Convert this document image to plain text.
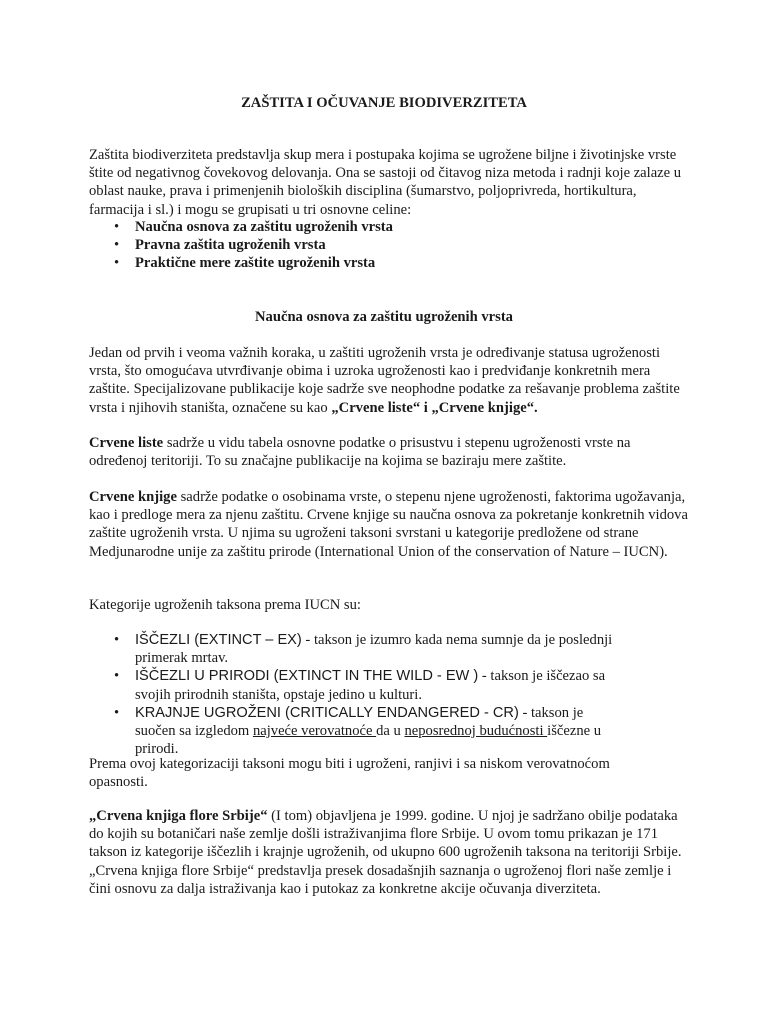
ZAŠTITA I OČUVANJE BIODIVERZITETA

Zaštita biodiverziteta predstavlja skup mera i postupaka kojima se ugrožene biljne i životinjske vrste štite od negativnog čovekovog delovanja. Ona se sastoji od čitavog niza metoda i radnji koje zalaze u oblast nauke, prava i primenjenih bioloških disciplina (šumarstvo, poljoprivreda, hortikultura, farmacija i sl.) i mogu se grupisati u tri osnovne celine:

• Naučna osnova za zaštitu ugroženih vrsta
• Pravna zaštita ugroženih vrsta
• Praktične mere zaštite ugroženih vrsta
Naučna osnova za zaštitu ugroženih vrsta

Jedan od prvih i veoma važnih koraka, u zaštiti ugroženih vrsta je određivanje statusa ugroženosti vrsta, što omogućava utvrđivanje obima i uzroka ugroženosti kao i predviđanje konkretnih mera zaštite. Specijalizovane publikacije koje sadrže sve neophodne podatke za rešavanje problema zaštite vrsta i njihovih staništa, označene su kao „Crvene liste“ i „Crvene knjige“.

Crvene liste sadrže u vidu tabela osnovne podatke o prisustvu i stepenu ugroženosti vrste na određenoj teritoriji. To su značajne publikacije na kojima se baziraju mere zaštite.

Crvene knjige sadrže podatke o osobinama vrste, o stepenu njene ugroženosti, faktorima ugožavanja, kao i predloge mera za njenu zaštitu. Crvene knjige su naučna osnova za pokretanje konkretnih vidova zaštite ugroženih vrsta. U njima su ugroženi taksoni svrstani u kategorije predložene od strane Medjunarodne unije za zaštitu prirode (International Union of the conservation of Nature – IUCN).

Kategorije ugroženih taksona prema IUCN su:

• IŠČEZLI (EXTINCT – EX) - takson je izumro kada nema sumnje da je poslednji primerak mrtav.
• IŠČEZLI U PRIRODI (EXTINCT IN THE WILD - EW ) - takson je iščezao sa svojih prirodnih staništa, opstaje jedino u kulturi.
• KRAJNJE UGROŽENI (CRITICALLY ENDANGERED - CR) - takson je suočen sa izgledom najveće verovatnoće da u neposrednoj budućnosti iščezne u prirodi.

Prema ovoj kategorizaciji taksoni mogu biti i ugroženi, ranjivi i sa niskom verovatnoćom opasnosti.

„Crvena knjiga flore Srbije“ (I tom) objavljena je 1999. godine. U njoj je sadržano obilje podataka do kojih su botaničari naše zemlje došli istraživanjima flore Srbije. U ovom tomu prikazan je 171 takson iz kategorije iščezlih i krajnje ugroženih, od ukupno 600 ugroženih taksona na teritoriji Srbije. „Crvena knjiga flore Srbije“ predstavlja presek dosadašnjih saznanja o ugroženoj flori naše zemlje i čini osnovu za dalja istraživanja kao i putokaz za konkretne akcije očuvanja diverziteta.
